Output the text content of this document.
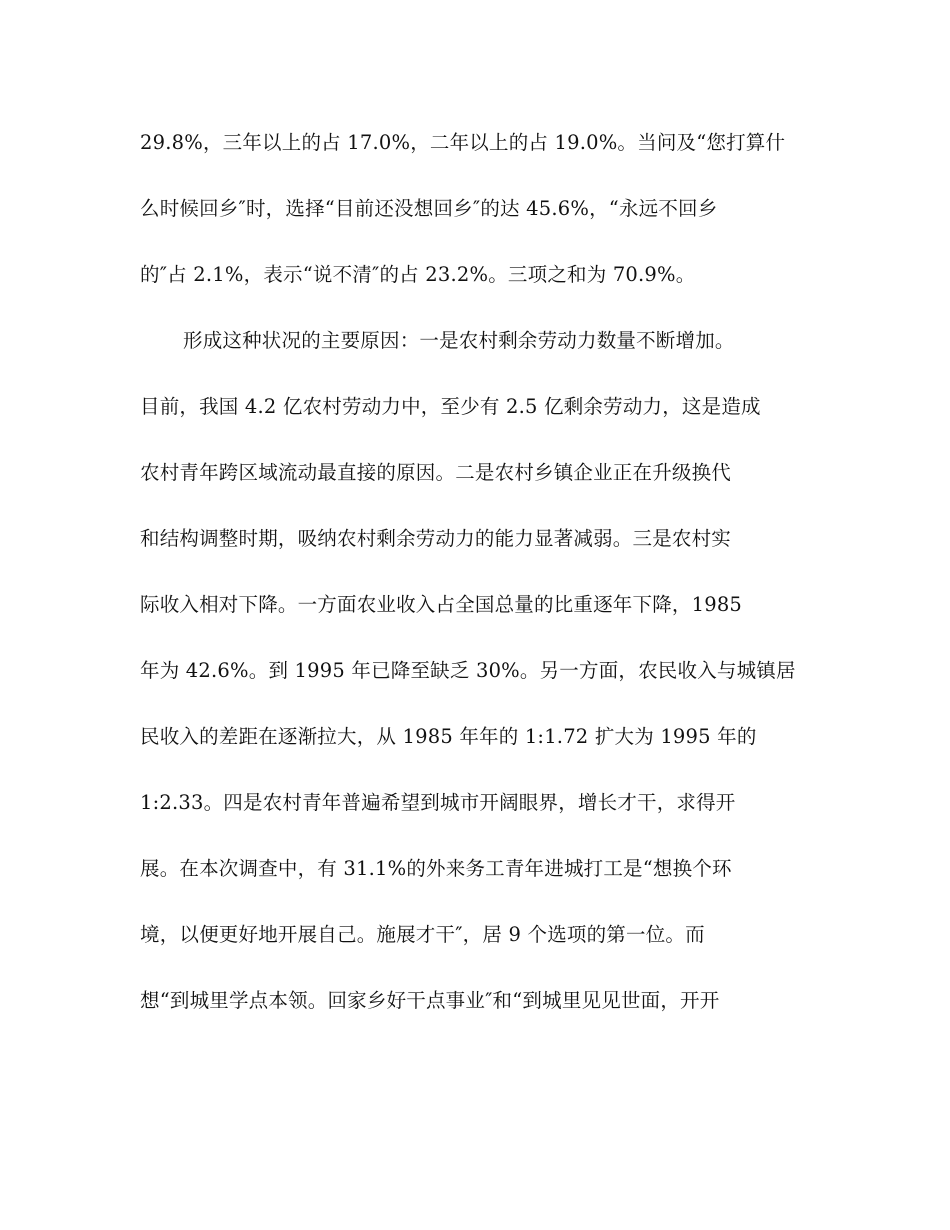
29.8%，三年以上的占 17.0%，二年以上的占 19.0%。当问及“您打算什
么时候回乡″时，选择“目前还没想回乡″的达 45.6%，“永远不回乡
的″占 2.1%，表示“说不清″的占 23.2%。三项之和为 70.9%。
形成这种状况的主要原因：一是农村剩余劳动力数量不断增加。
目前，我国 4.2 亿农村劳动力中，至少有 2.5 亿剩余劳动力，这是造成
农村青年跨区域流动最直接的原因。二是农村乡镇企业正在升级换代
和结构调整时期，吸纳农村剩余劳动力的能力显著减弱。三是农村实
际收入相对下降。一方面农业收入占全国总量的比重逐年下降，1985
年为 42.6%。到 1995 年已降至缺乏 30%。另一方面，农民收入与城镇居
民收入的差距在逐渐拉大，从 1985 年年的 1:1.72 扩大为 1995 年的
1:2.33。四是农村青年普遍希望到城市开阔眼界，增长才干，求得开
展。在本次调查中，有 31.1%的外来务工青年进城打工是“想换个环
境，以便更好地开展自己。施展才干″，居 9 个选项的第一位。而
想“到城里学点本领。回家乡好干点事业″和“到城里见见世面，开开
